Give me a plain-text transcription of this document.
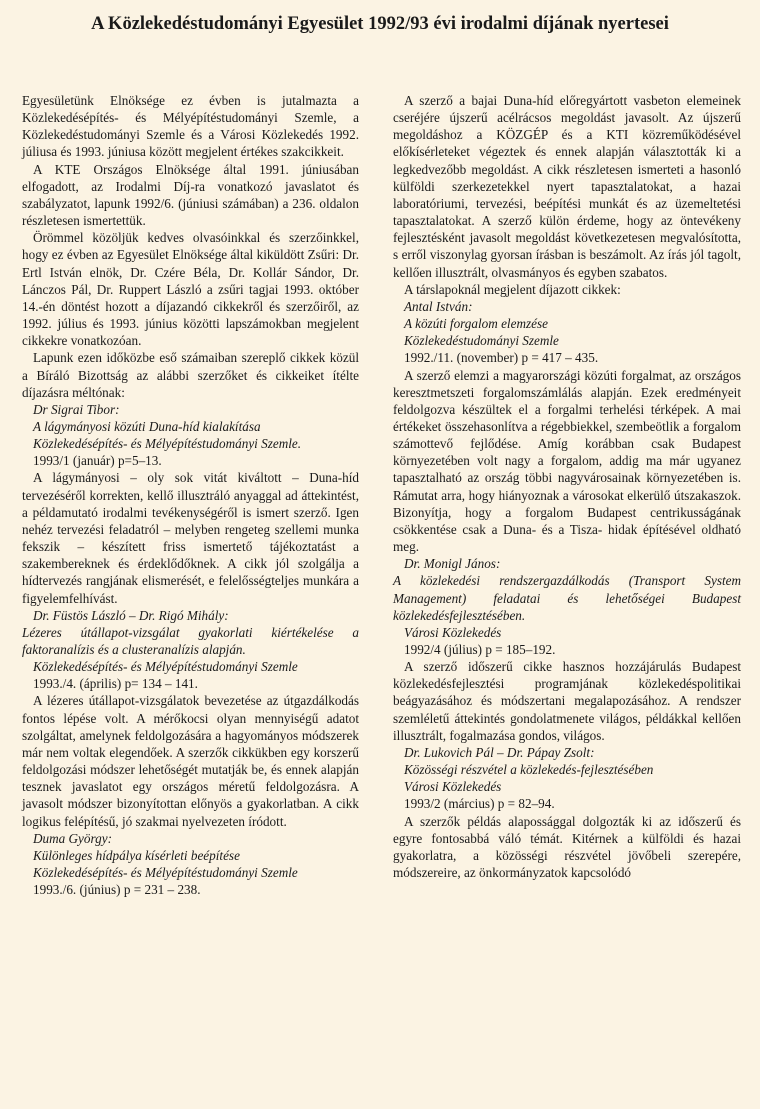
A Közlekedéstudományi Egyesület 1992/93 évi irodalmi díjának nyertesei

Egyesületünk Elnöksége ez évben is jutalmazta a Közlekedésépítés- és Mélyépítéstudományi Szemle, a Közlekedéstudományi Szemle és a Városi Közlekedés 1992. júliusa és 1993. júniusa között megjelent értékes szakcikkeit.

A KTE Országos Elnöksége által 1991. júniusában elfogadott, az Irodalmi Díj-ra vonatkozó javaslatot és szabályzatot, lapunk 1992/6. (júniusi számában) a 236. oldalon részletesen ismertettük.

Örömmel közöljük kedves olvasóinkkal és szerzőinkkel, hogy ez évben az Egyesület Elnöksége által kiküldött Zsűri: Dr. Ertl István elnök, Dr. Czére Béla, Dr. Kollár Sándor, Dr. Lánczos Pál, Dr. Ruppert László a zsűri tagjai 1993. október 14.-én döntést hozott a díjazandó cikkekről és szerzőiről, az 1992. július és 1993. június közötti lapszámokban megjelent cikkekre vonatkozóan.

Lapunk ezen időközbe eső számaiban szereplő cikkek közül a Bíráló Bizottság az alábbi szerzőket és cikkeiket ítélte díjazásra méltónak:

Dr Sigrai Tibor:

A lágymányosi közúti Duna-híd kialakítása

Közlekedésépítés- és Mélyépítéstudományi Szemle.

1993/1 (január) p=5–13.

A lágymányosi – oly sok vitát kiváltott – Duna-híd tervezéséről korrekten, kellő illusztráló anyaggal ad áttekintést, a példamutató irodalmi tevékenységéről is ismert szerző. Igen nehéz tervezési feladatról – melyben rengeteg szellemi munka fekszik – készített friss ismertető tájékoztatást a szakembereknek és érdeklődőknek. A cikk jól szolgálja a hídtervezés rangjának elismerését, e felelősségteljes munkára a figyelemfelhívást.

Dr. Füstös László – Dr. Rigó Mihály:

Lézeres útállapot-vizsgálat gyakorlati kiértékelése a faktoranalízis és a clusteranalízis alapján.

Közlekedésépítés- és Mélyépítéstudományi Szemle

1993./4. (április) p= 134 – 141.

A lézeres útállapot-vizsgálatok bevezetése az útgazdálkodás fontos lépése volt. A mérőkocsi olyan mennyiségű adatot szolgáltat, amelynek feldolgozására a hagyományos módszerek már nem voltak elegendőek. A szerzők cikkükben egy korszerű feldolgozási módszer lehetőségét mutatják be, és ennek alapján tesznek javaslatot egy országos méretű feldolgozásra. A javasolt módszer bizonyítottan előnyös a gyakorlatban. A cikk logikus felépítésű, jó szakmai nyelvezeten íródott.

Duma György:

Különleges hídpálya kísérleti beépítése

Közlekedésépítés- és Mélyépítéstudományi Szemle

1993./6. (június) p = 231 – 238.

A szerző a bajai Duna-híd előregyártott vasbeton elemeinek cseréjére újszerű acélrácsos megoldást javasolt. Az újszerű megoldáshoz a KÖZGÉP és a KTI közreműködésével előkísérleteket végeztek és ennek alapján választották ki a legkedvezőbb megoldást. A cikk részletesen ismerteti a hasonló külföldi szerkezetekkel nyert tapasztalatokat, a hazai laboratóriumi, tervezési, beépítési munkát és az üzemeltetési tapasztalatokat. A szerző külön érdeme, hogy az öntevékeny fejlesztésként javasolt megoldást következetesen megvalósította, s erről viszonylag gyorsan írásban is beszámolt. Az írás jól tagolt, kellően illusztrált, olvasmányos és egyben szabatos.

A társlapoknál megjelent díjazott cikkek:

Antal István:

A közúti forgalom elemzése

Közlekedéstudományi Szemle

1992./11. (november) p = 417 – 435.

A szerző elemzi a magyarországi közúti forgalmat, az országos keresztmetszeti forgalomszámlálás alapján. Ezek eredményeit feldolgozva készültek el a forgalmi terhelési térképek. A mai értékeket összehasonlítva a régebbiekkel, szembeötlik a forgalom számottevő fejlődése. Amíg korábban csak Budapest környezetében volt nagy a forgalom, addig ma már ugyanez tapasztalható az ország többi nagyvárosainak környezetében is. Rámutat arra, hogy hiányoznak a városokat elkerülő útszakaszok. Bizonyítja, hogy a forgalom Budapest centrikusságának csökkentése csak a Duna- és a Tisza- hidak építésével oldható meg.

Dr. Monigl János:

A közlekedési rendszergazdálkodás (Transport System Management) feladatai és lehetőségei Budapest közlekedésfejlesztésében.

Városi Közlekedés

1992/4 (július) p = 185–192.

A szerző időszerű cikke hasznos hozzájárulás Budapest közlekedésfejlesztési programjának közlekedéspolitikai beágyazásához és módszertani megalapozásához. A rendszer szemléletű áttekintés gondolatmenete világos, példákkal kellően illusztrált, fogalmazása gondos, világos.

Dr. Lukovich Pál – Dr. Pápay Zsolt:

Közösségi részvétel a közlekedés-fejlesztésében

Városi Közlekedés

1993/2 (március) p = 82–94.

A szerzők példás alapossággal dolgozták ki az időszerű és egyre fontosabbá váló témát. Kitérnek a külföldi és hazai gyakorlatra, a közösségi részvétel jövőbeli szerepére, módszereire, az önkormányzatok kapcsolódó
